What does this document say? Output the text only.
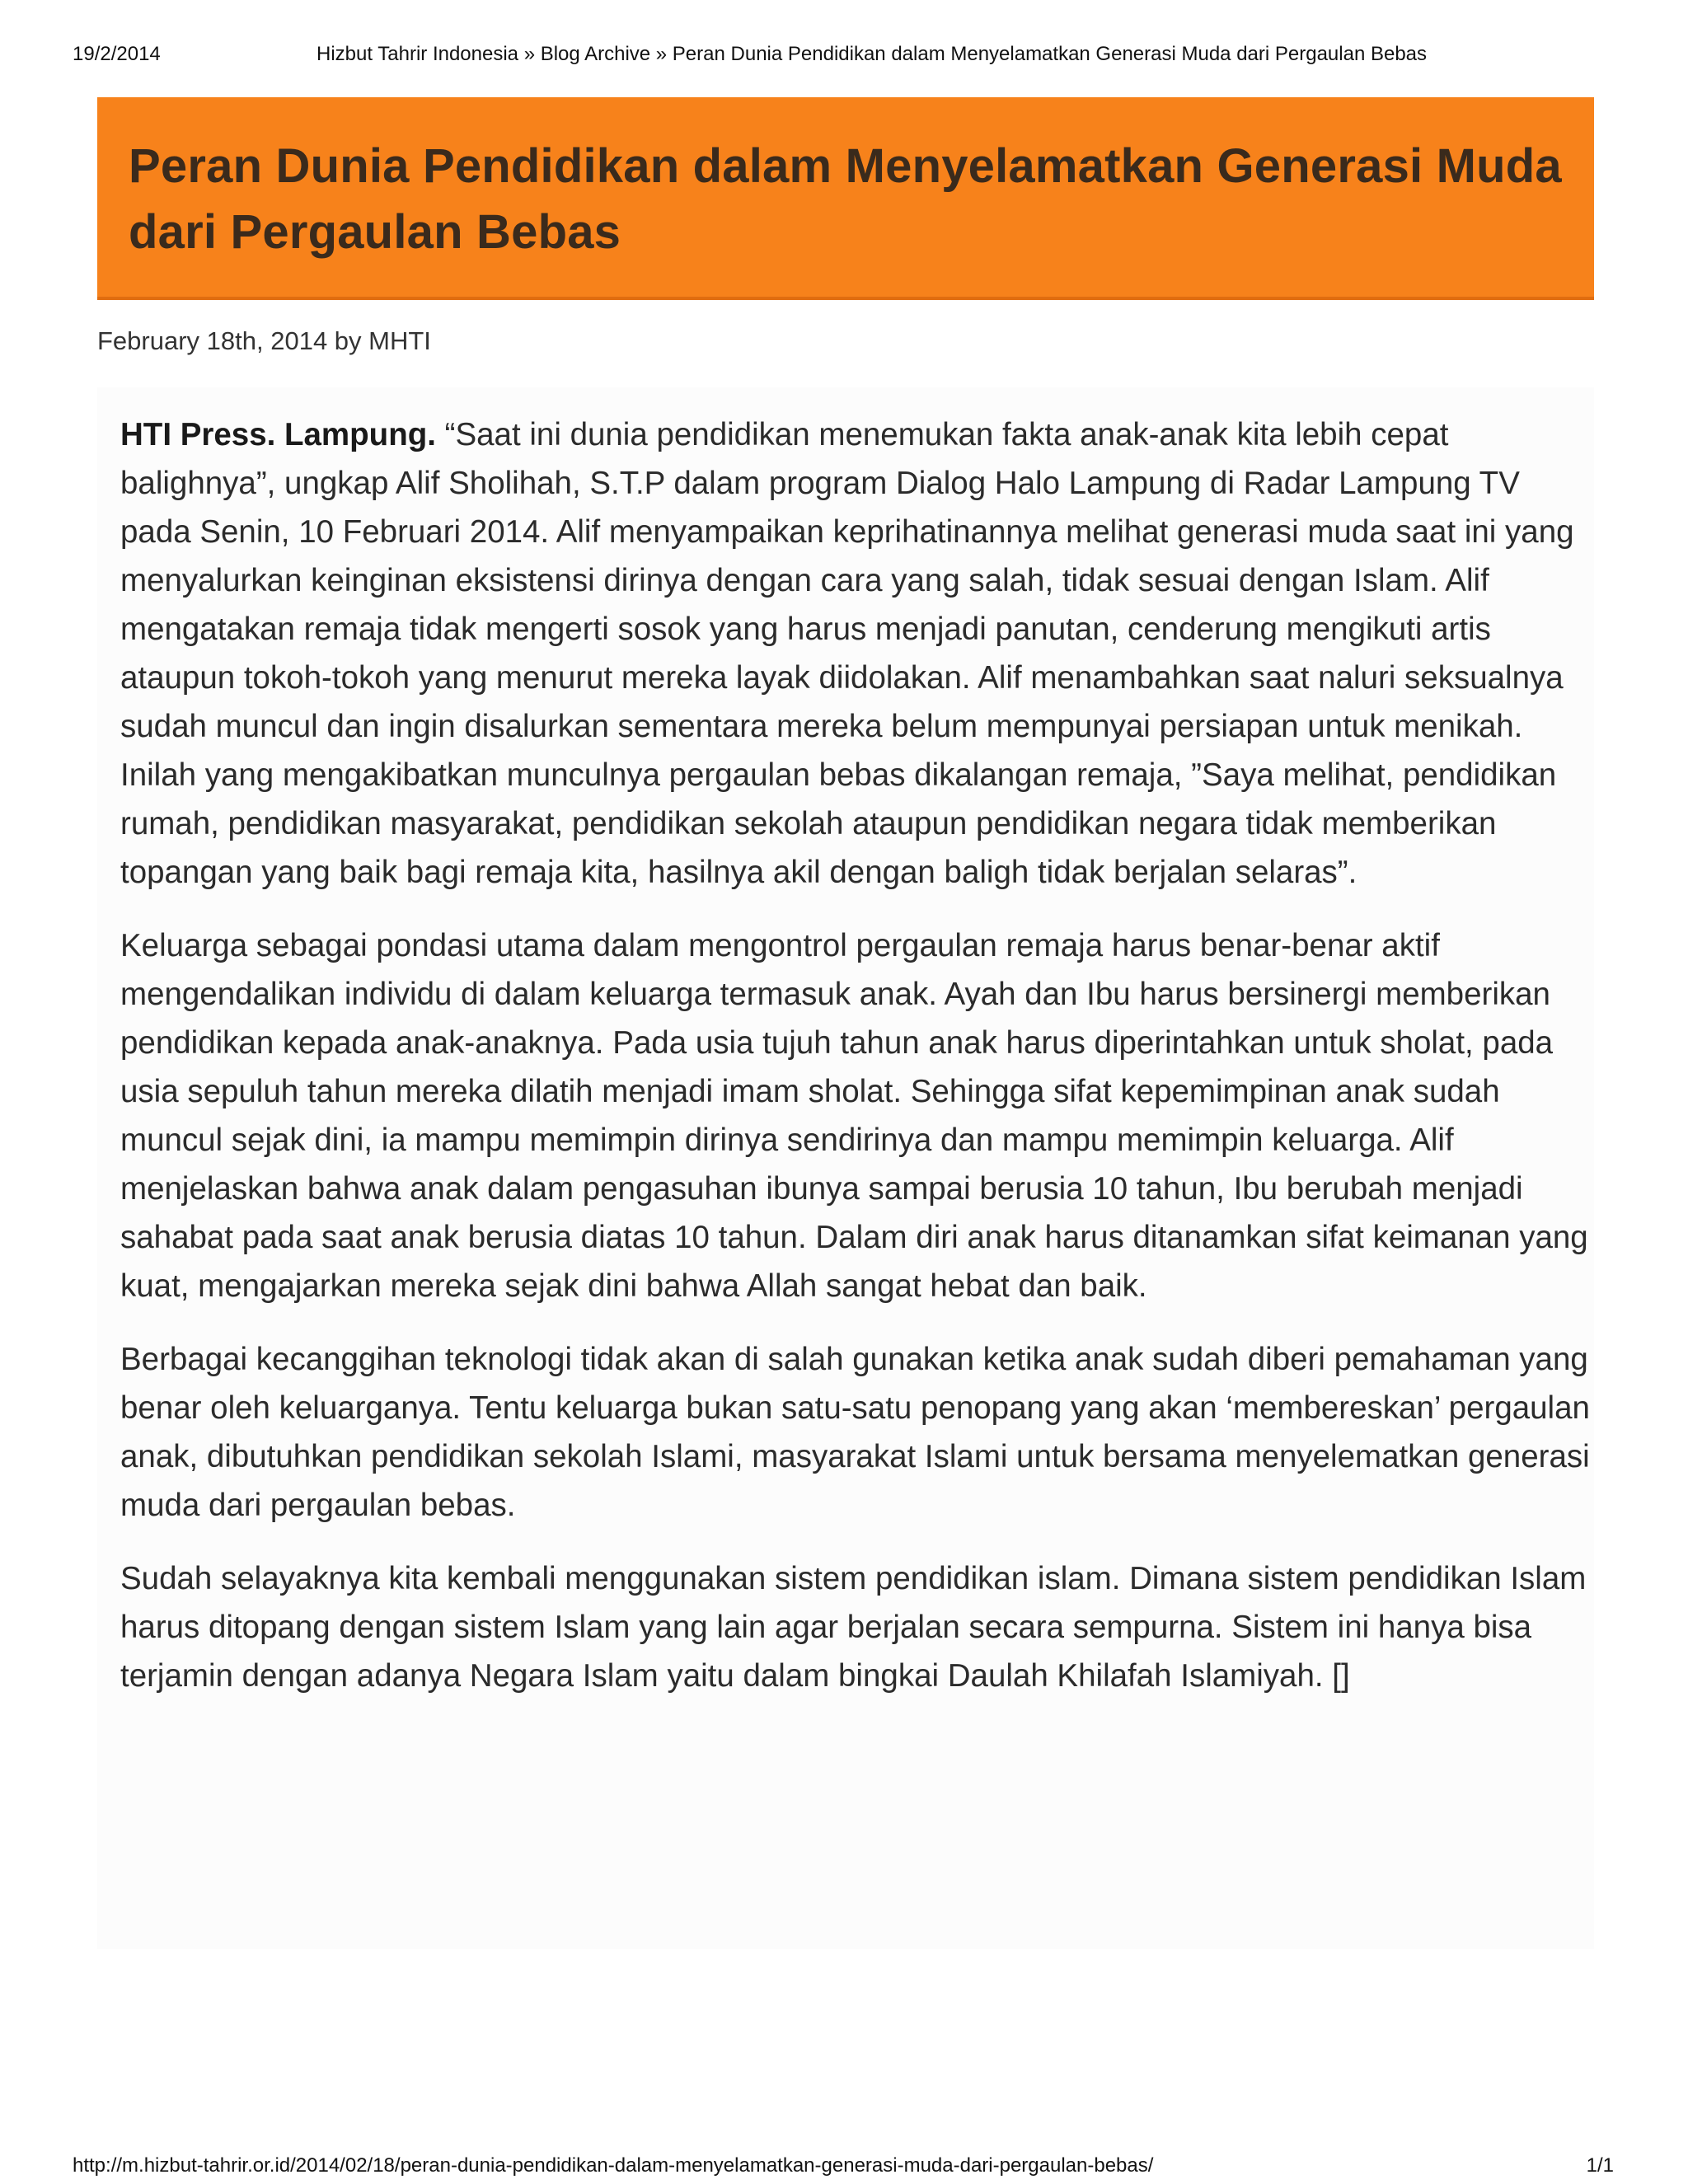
19/2/2014	Hizbut Tahrir Indonesia » Blog Archive » Peran Dunia Pendidikan dalam Menyelamatkan Generasi Muda dari Pergaulan Bebas
Peran Dunia Pendidikan dalam Menyelamatkan Generasi Muda dari Pergaulan Bebas
February 18th, 2014 by MHTI

HTI Press. Lampung. “Saat ini dunia pendidikan menemukan fakta anak-anak kita lebih cepat balighnya”, ungkap Alif Sholihah, S.T.P dalam program Dialog Halo Lampung di Radar Lampung TV pada Senin, 10 Februari 2014. Alif menyampaikan keprihatinannya melihat generasi muda saat ini yang menyalurkan keinginan eksistensi dirinya dengan cara yang salah, tidak sesuai dengan Islam. Alif mengatakan remaja tidak mengerti sosok yang harus menjadi panutan, cenderung mengikuti artis ataupun tokoh-tokoh yang menurut mereka layak diidolakan. Alif menambahkan saat naluri seksualnya sudah muncul dan ingin disalurkan sementara mereka belum mempunyai persiapan untuk menikah. Inilah yang mengakibatkan munculnya pergaulan bebas dikalangan remaja, ”Saya melihat, pendidikan rumah, pendidikan masyarakat, pendidikan sekolah ataupun pendidikan negara tidak memberikan topangan yang baik bagi remaja kita, hasilnya akil dengan baligh tidak berjalan selaras”.

Keluarga sebagai pondasi utama dalam mengontrol pergaulan remaja harus benar-benar aktif mengendalikan individu di dalam keluarga termasuk anak. Ayah dan Ibu harus bersinergi memberikan pendidikan kepada anak-anaknya. Pada usia tujuh tahun anak harus diperintahkan untuk sholat, pada usia sepuluh tahun mereka dilatih menjadi imam sholat. Sehingga sifat kepemimpinan anak sudah muncul sejak dini, ia mampu memimpin dirinya sendirinya dan mampu memimpin keluarga. Alif menjelaskan bahwa anak dalam pengasuhan ibunya sampai berusia 10 tahun, Ibu berubah menjadi sahabat pada saat anak berusia diatas 10 tahun. Dalam diri anak harus ditanamkan sifat keimanan yang kuat, mengajarkan mereka sejak dini bahwa Allah sangat hebat dan baik.

Berbagai kecanggihan teknologi tidak akan di salah gunakan ketika anak sudah diberi pemahaman yang benar oleh keluarganya. Tentu keluarga bukan satu-satu penopang yang akan ‘membereskan’ pergaulan anak, dibutuhkan pendidikan sekolah Islami, masyarakat Islami untuk bersama menyelematkan generasi muda dari pergaulan bebas.

Sudah selayaknya kita kembali menggunakan sistem pendidikan islam. Dimana sistem pendidikan Islam harus ditopang dengan sistem Islam yang lain agar berjalan secara sempurna. Sistem ini hanya bisa terjamin dengan adanya Negara Islam yaitu dalam bingkai Daulah Khilafah Islamiyah. []

http://m.hizbut-tahrir.or.id/2014/02/18/peran-dunia-pendidikan-dalam-menyelamatkan-generasi-muda-dari-pergaulan-bebas/	1/1
